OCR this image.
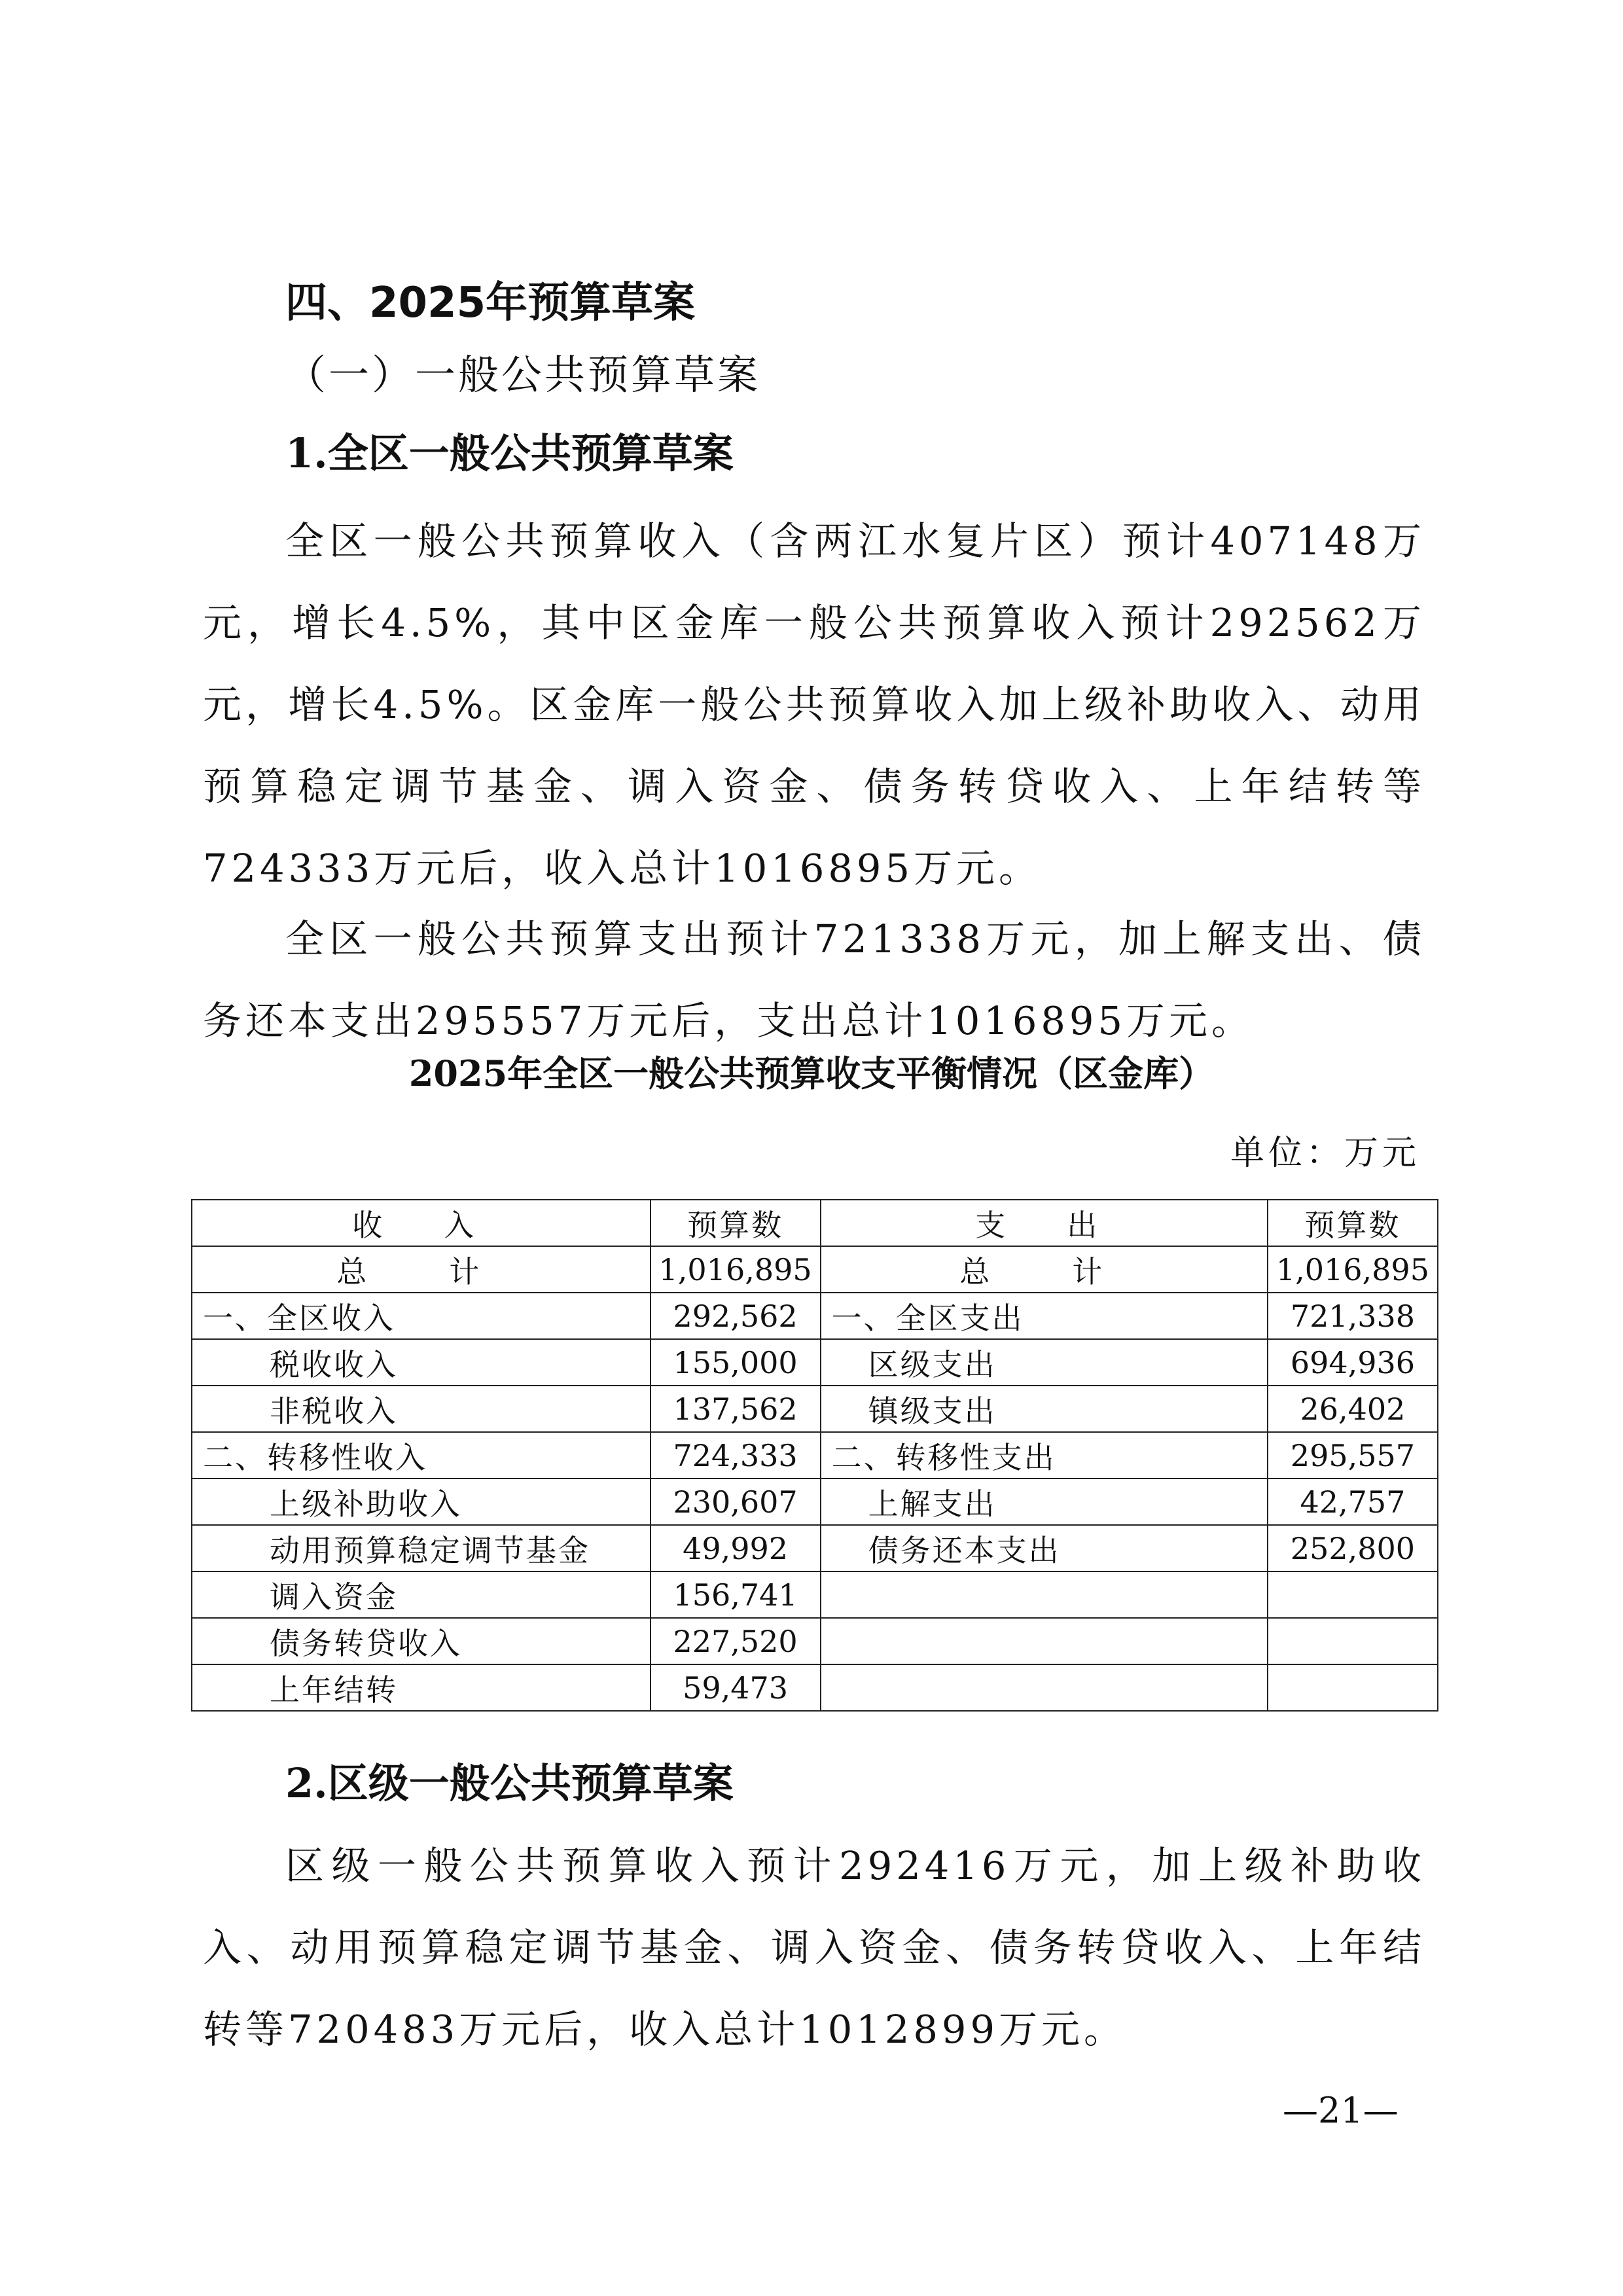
四、2025年预算草案
（一）一般公共预算草案
1.全区一般公共预算草案
全区一般公共预算收入（含两江水复片区）预计407148万元，增长4.5%，其中区金库一般公共预算收入预计292562万元，增长4.5%。区金库一般公共预算收入加上级补助收入、动用预算稳定调节基金、调入资金、债务转贷收入、上年结转等724333万元后，收入总计1016895万元。
全区一般公共预算支出预计721338万元，加上解支出、债务还本支出295557万元后，支出总计1016895万元。
2025年全区一般公共预算收支平衡情况（区金库）
单位：万元
收　入	预算数	支　出	预算数
总　计	1,016,895	总　计	1,016,895
一、全区收入	292,562	一、全区支出	721,338
税收收入	155,000	区级支出	694,936
非税收入	137,562	镇级支出	26,402
二、转移性收入	724,333	二、转移性支出	295,557
上级补助收入	230,607	上解支出	42,757
动用预算稳定调节基金	49,992	债务还本支出	252,800
调入资金	156,741		
债务转贷收入	227,520		
上年结转	59,473		
2.区级一般公共预算草案
区级一般公共预算收入预计292416万元，加上级补助收入、动用预算稳定调节基金、调入资金、债务转贷收入、上年结转等720483万元后，收入总计1012899万元。
—21—
